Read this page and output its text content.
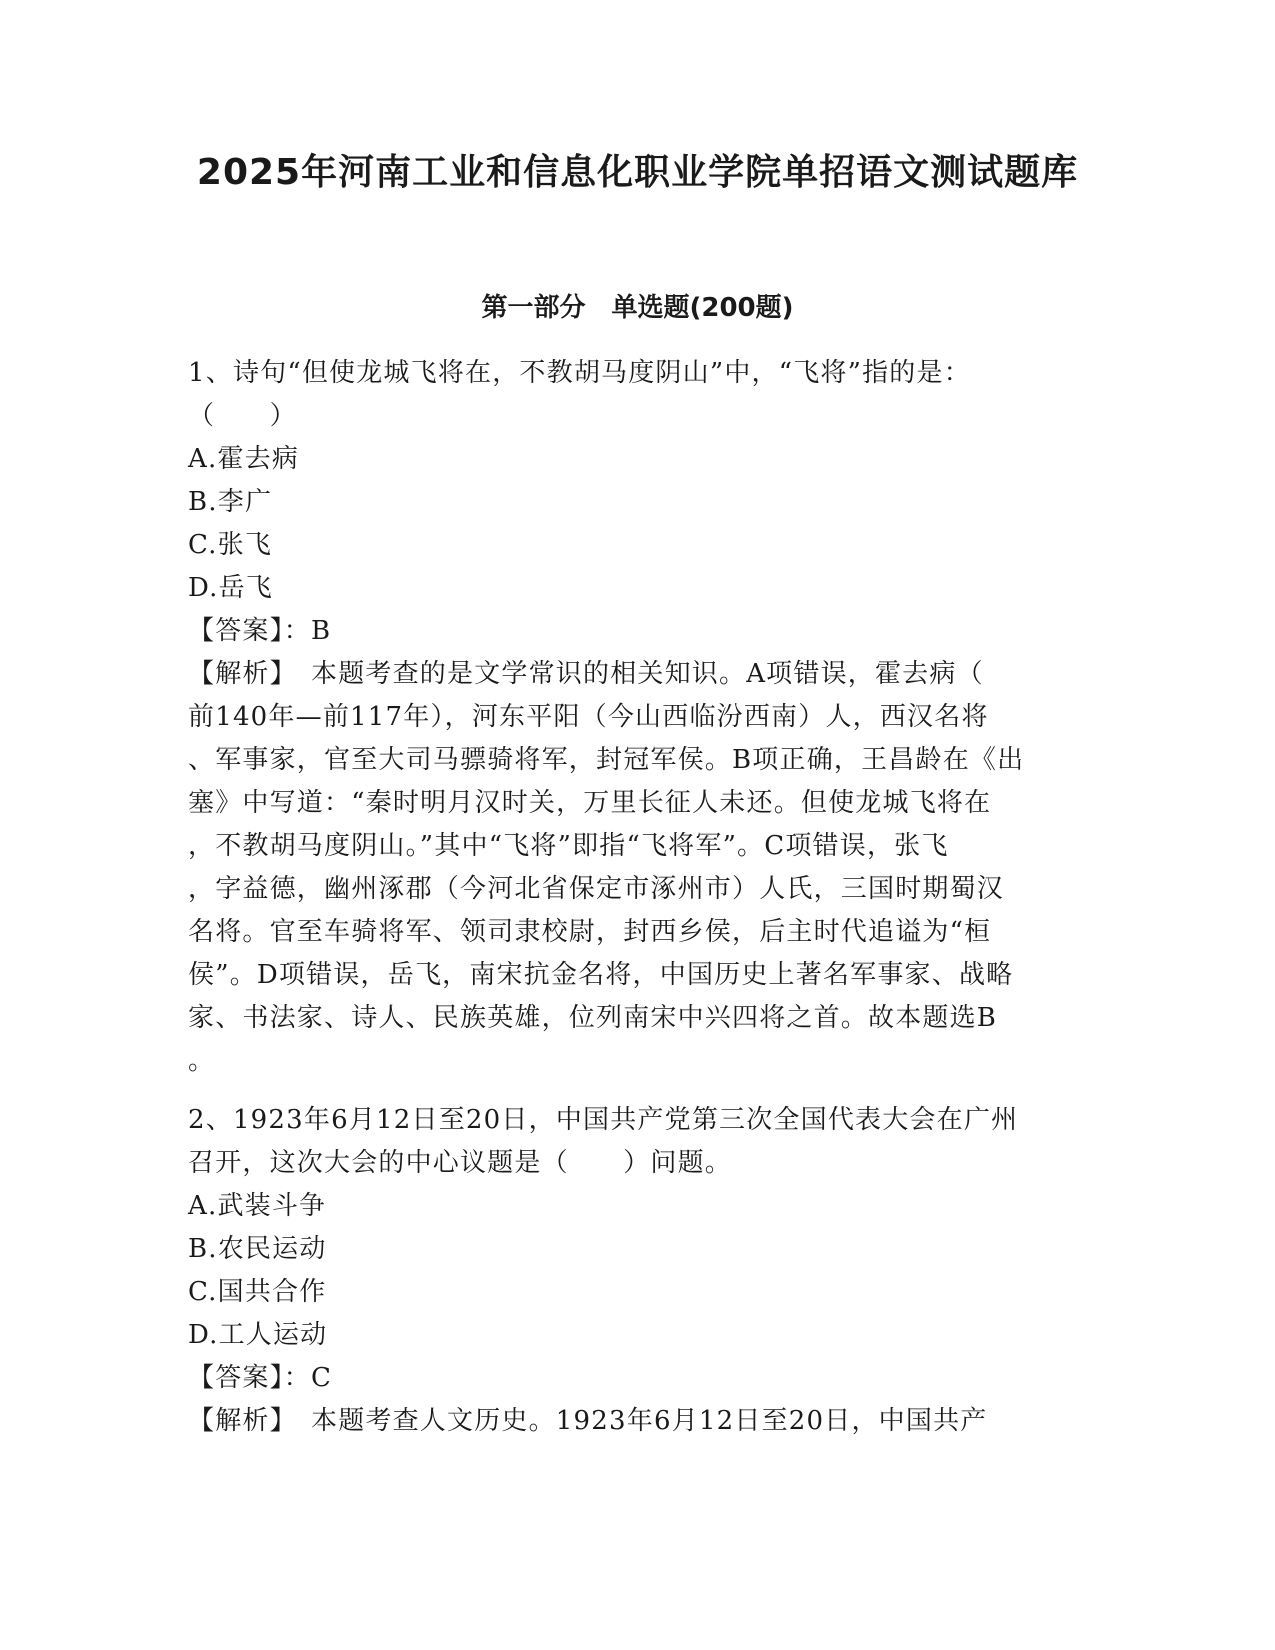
2025年河南工业和信息化职业学院单招语文测试题库
第一部分　单选题(200题)

1、诗句“但使龙城飞将在，不教胡马度阴山”中，“飞将”指的是：

（　　）

A.霍去病

B.李广

C.张飞

D.岳飞

【答案】：B

【解析】　本题考查的是文学常识的相关知识。A项错误，霍去病（

前140年—前117年），河东平阳（今山西临汾西南）人，西汉名将

、军事家，官至大司马骠骑将军，封冠军侯。B项正确，王昌龄在《出

塞》中写道：“秦时明月汉时关，万里长征人未还。但使龙城飞将在

，不教胡马度阴山。”其中“飞将”即指“飞将军”。C项错误，张飞

，字益德，幽州涿郡（今河北省保定市涿州市）人氏，三国时期蜀汉

名将。官至车骑将军、领司隶校尉，封西乡侯，后主时代追谥为“桓

侯”。D项错误，岳飞，南宋抗金名将，中国历史上著名军事家、战略

家、书法家、诗人、民族英雄，位列南宋中兴四将之首。故本题选B

。

2、1923年6月12日至20日，中国共产党第三次全国代表大会在广州

召开，这次大会的中心议题是（　　）问题。

A.武装斗争

B.农民运动

C.国共合作

D.工人运动

【答案】：C

【解析】　本题考查人文历史。1923年6月12日至20日，中国共产
